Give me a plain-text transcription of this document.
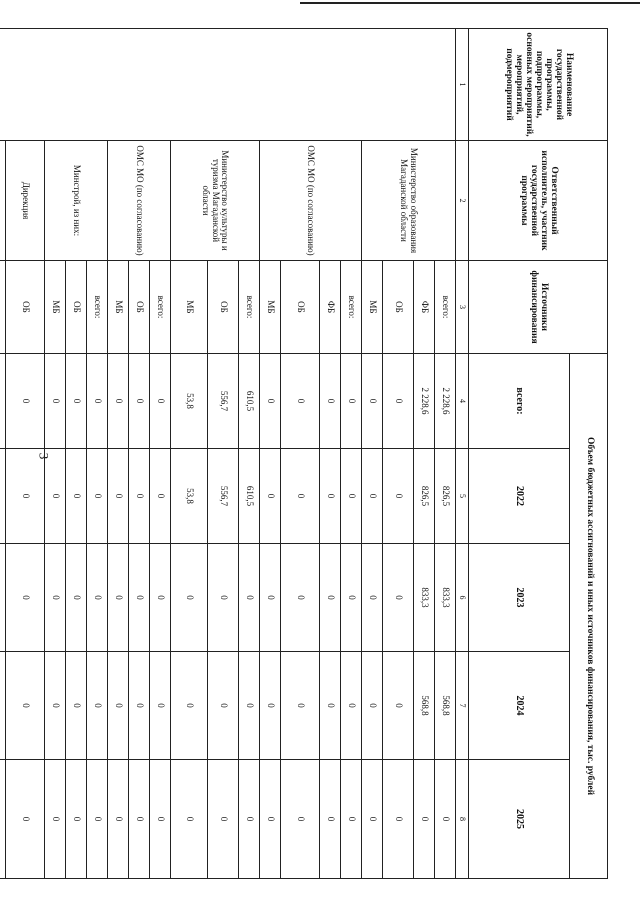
3
Наименование государственной программы, подпрограммы, основных мероприятий, мероприятий, подмероприятий	Ответственный исполнитель, участник государственной программы	Источники финансирования	Объем бюджетных ассигнований и иных источников финансирования, тыс. рублей				
			всего:	2022	2023	2024	2025
1	2	3	4	5	6	7	8
	Министерство образования Магаданской области	всего:	2 228,6	826,5	833,3	568,8	0
		ФБ	2 228,6	826,5	833,3	568,8	0
		ОБ	0	0	0	0	0
		МБ	0	0	0	0	0
	ОМС МО (по согласованию)	всего:	0	0	0	0	0
		ФБ	0	0	0	0	0
		ОБ	0	0	0	0	0
		МБ	0	0	0	0	0
	Министерство культуры и туризма Магаданской области	всего:	610,5	610,5	0	0	0
		ОБ	556,7	556,7	0	0	0
		МБ	53,8	53,8	0	0	0
	ОМС МО (по согласованию)	всего:	0	0	0	0	0
		ОБ	0	0	0	0	0
		МБ	0	0	0	0	0
	Минстрой, из них:	всего:	0	0	0	0	0
		ОБ	0	0	0	0	0
		МБ	0	0	0	0	0
	Дирекция	ОБ	0	0	0	0	0
